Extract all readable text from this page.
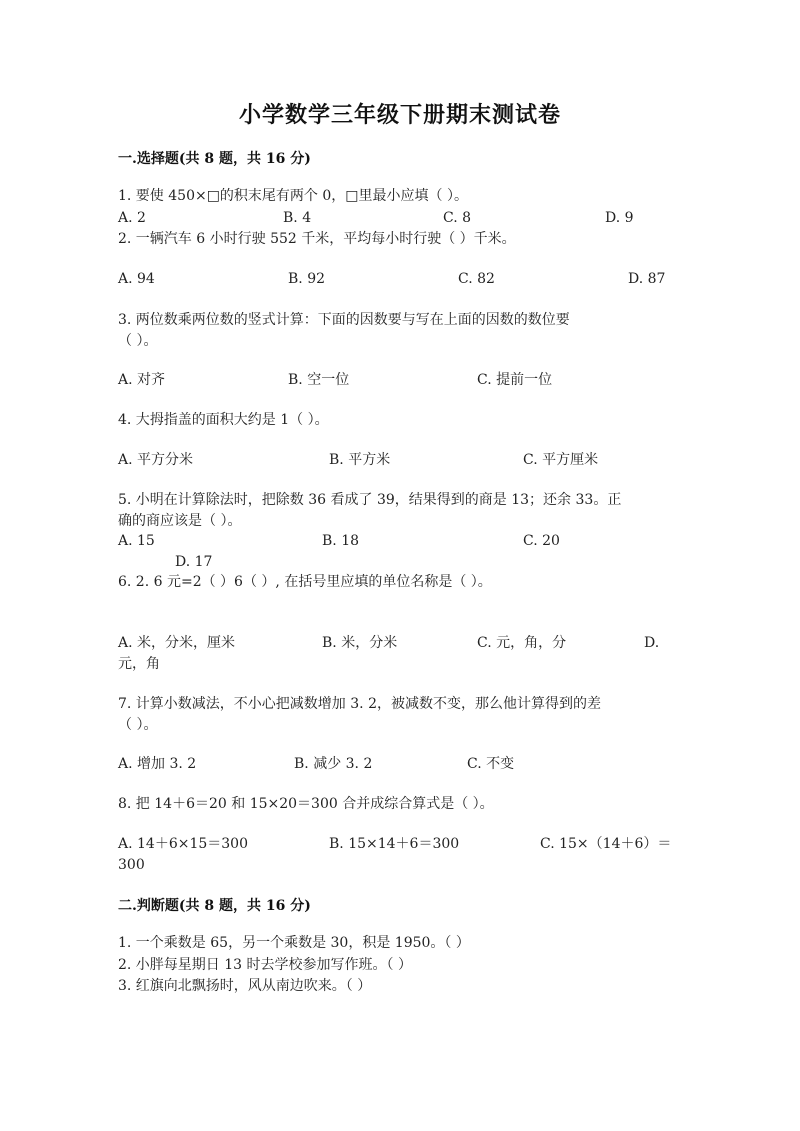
小学数学三年级下册期末测试卷
一.选择题(共 8 题，共 16 分)
1. 要使 450×□的积末尾有两个 0，□里最小应填（ ）。
A. 2	B. 4	C. 8	D. 9
2. 一辆汽车 6 小时行驶 552 千米，平均每小时行驶（ ）千米。
A. 94	B. 92	C. 82	D. 87
3. 两位数乘两位数的竖式计算：下面的因数要与写在上面的因数的数位要
（ ）。
A. 对齐	B. 空一位	C. 提前一位
4. 大拇指盖的面积大约是 1（ ）。
A. 平方分米	B. 平方米	C. 平方厘米
5. 小明在计算除法时，把除数 36 看成了 39，结果得到的商是 13；还余 33。正
确的商应该是（ ）。
A. 15	B. 18	C. 20
D. 17
6. 2. 6 元=2（ ）6（ ）, 在括号里应填的单位名称是（ ）。
A. 米，分米，厘米	B. 米，分米	C. 元，角，分	D.
元，角
7. 计算小数减法，不小心把减数增加 3. 2，被减数不变，那么他计算得到的差
（ ）。
A. 增加 3. 2	B. 减少 3. 2	C. 不变
8. 把 14＋6＝20 和 15×20＝300 合并成综合算式是（ ）。
A. 14＋6×15＝300	B. 15×14＋6＝300	C. 15×（14＋6）＝
300
二.判断题(共 8 题，共 16 分)
1. 一个乘数是 65，另一个乘数是 30，积是 1950。（ ）
2. 小胖每星期日 13 时去学校参加写作班。（ ）
3. 红旗向北飘扬时，风从南边吹来。（ ）
